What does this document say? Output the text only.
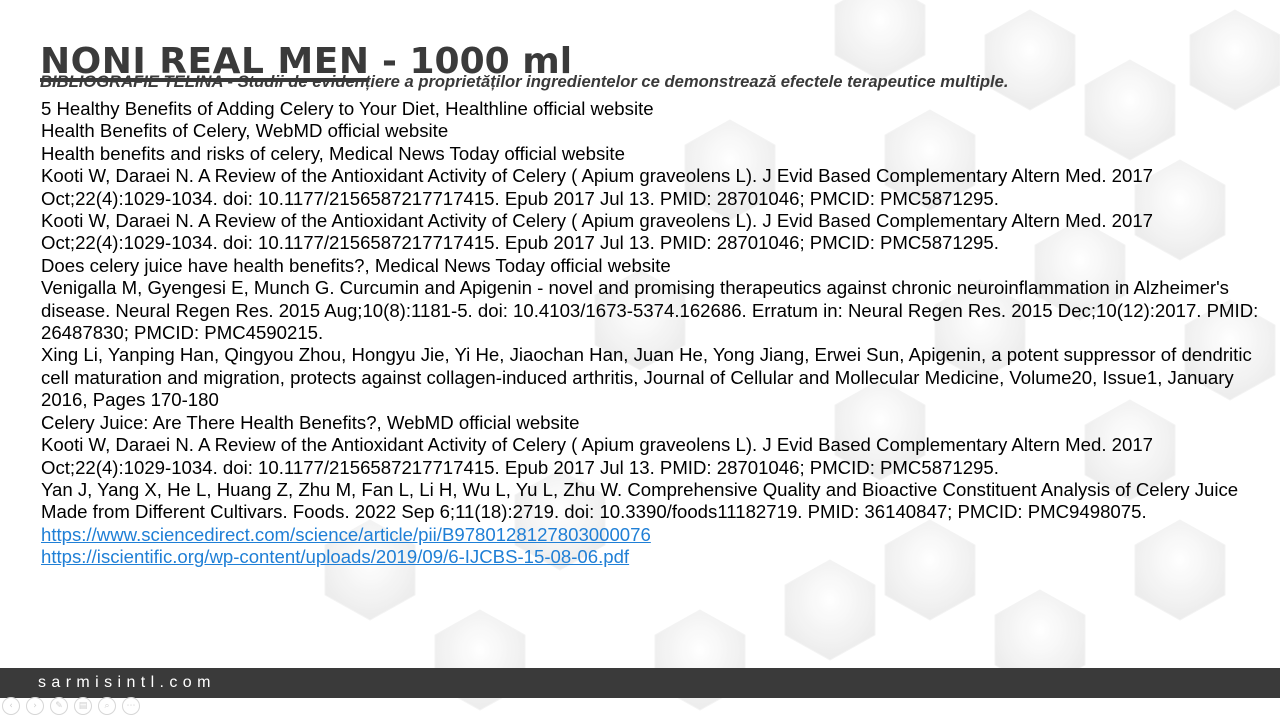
NONI REAL MEN - 1000 ml
BIBLIOGRAFIE TELINA - Studii de evidențiere a proprietăților ingredientelor ce demonstrează efectele terapeutice multiple.

5 Healthy Benefits of Adding Celery to Your Diet, Healthline official website

Health Benefits of Celery, WebMD official website

Health benefits and risks of celery, Medical News Today official website

Kooti W, Daraei N. A Review of the Antioxidant Activity of Celery ( Apium graveolens L). J Evid Based Complementary Altern Med. 2017 Oct;22(4):1029-1034. doi: 10.1177/2156587217717415. Epub 2017 Jul 13. PMID: 28701046; PMCID: PMC5871295.

Kooti W, Daraei N. A Review of the Antioxidant Activity of Celery ( Apium graveolens L). J Evid Based Complementary Altern Med. 2017 Oct;22(4):1029-1034. doi: 10.1177/2156587217717415. Epub 2017 Jul 13. PMID: 28701046; PMCID: PMC5871295.

Does celery juice have health benefits?, Medical News Today official website

Venigalla M, Gyengesi E, Munch G. Curcumin and Apigenin - novel and promising therapeutics against chronic neuroinflammation in Alzheimer's disease. Neural Regen Res. 2015 Aug;10(8):1181-5. doi: 10.4103/1673-5374.162686. Erratum in: Neural Regen Res. 2015 Dec;10(12):2017. PMID: 26487830; PMCID: PMC4590215.

Xing Li, Yanping Han, Qingyou Zhou, Hongyu Jie, Yi He, Jiaochan Han, Juan He, Yong Jiang, Erwei Sun, Apigenin, a potent suppressor of dendritic cell maturation and migration, protects against collagen-induced arthritis, Journal of Cellular and Mollecular Medicine, Volume20, Issue1, January 2016, Pages 170-180

Celery Juice: Are There Health Benefits?, WebMD official website

Kooti W, Daraei N. A Review of the Antioxidant Activity of Celery ( Apium graveolens L). J Evid Based Complementary Altern Med. 2017 Oct;22(4):1029-1034. doi: 10.1177/2156587217717415. Epub 2017 Jul 13. PMID: 28701046; PMCID: PMC5871295.

Yan J, Yang X, He L, Huang Z, Zhu M, Fan L, Li H, Wu L, Yu L, Zhu W. Comprehensive Quality and Bioactive Constituent Analysis of Celery Juice Made from Different Cultivars. Foods. 2022 Sep 6;11(18):2719. doi: 10.3390/foods11182719. PMID: 36140847; PMCID: PMC9498075.

https://www.sciencedirect.com/science/article/pii/B9780128127803000076

https://iscientific.org/wp-content/uploads/2019/09/6-IJCBS-15-08-06.pdf

sarmisintl.com
‹	›	✎	▤	⌕	⋯
